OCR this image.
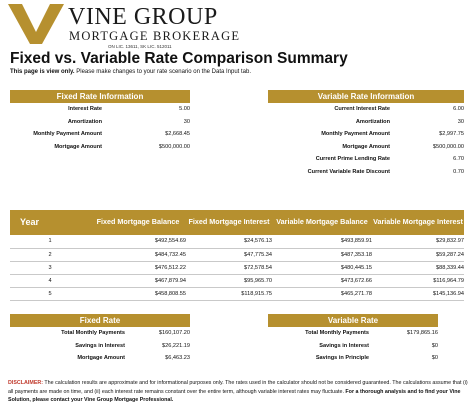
VINE GROUP
MORTGAGE BROKERAGE
ON LIC. 13611, SK LIC. 512011
Fixed vs. Variable Rate Comparison Summary
This page is view only. Please make changes to your rate scenario on the Data Input tab.
Fixed Rate Information
Interest Rate	5.00
Amortization	30
Monthly Payment Amount	$2,668.45
Mortgage Amount	$500,000.00
Variable Rate Information
Current Interest Rate	6.00
Amortization	30
Monthly Payment Amount	$2,997.75
Mortgage Amount	$500,000.00
Current Prime Lending Rate	6.70
Current Variable Rate Discount	0.70
Year	Fixed Mortgage Balance	Fixed Mortgage Interest	Variable Mortgage Balance	Variable Mortgage Interest
1	$492,554.69	$24,576.13	$493,859.91	$29,832.97
2	$484,732.45	$47,775.34	$487,353.18	$59,287.24
3	$476,512.22	$72,578.54	$480,445.15	$88,339.44
4	$467,879.94	$95,965.70	$473,672.66	$116,964.79
5	$458,808.55	$118,915.75	$465,271.78	$145,136.94
Fixed Rate
Total Monthly Payments	$160,107.20
Savings in Interest	$26,221.19
Mortgage Amount	$6,463.23
Variable Rate
Total Monthly Payments	$179,865.16
Savings in Interest	$0
Savings in Principle	$0
DISCLAIMER: The calculation results are approximate and for informational purposes only. The rates used in the calculator should not be considered guaranteed. The calculations assume that (i) all payments are made on time, and (ii) each interest rate remains constant over the entire term, although variable interest rates may fluctuate. For a thorough analysis and to find your Vine Solution, please contact your Vine Group Mortgage Professional.
